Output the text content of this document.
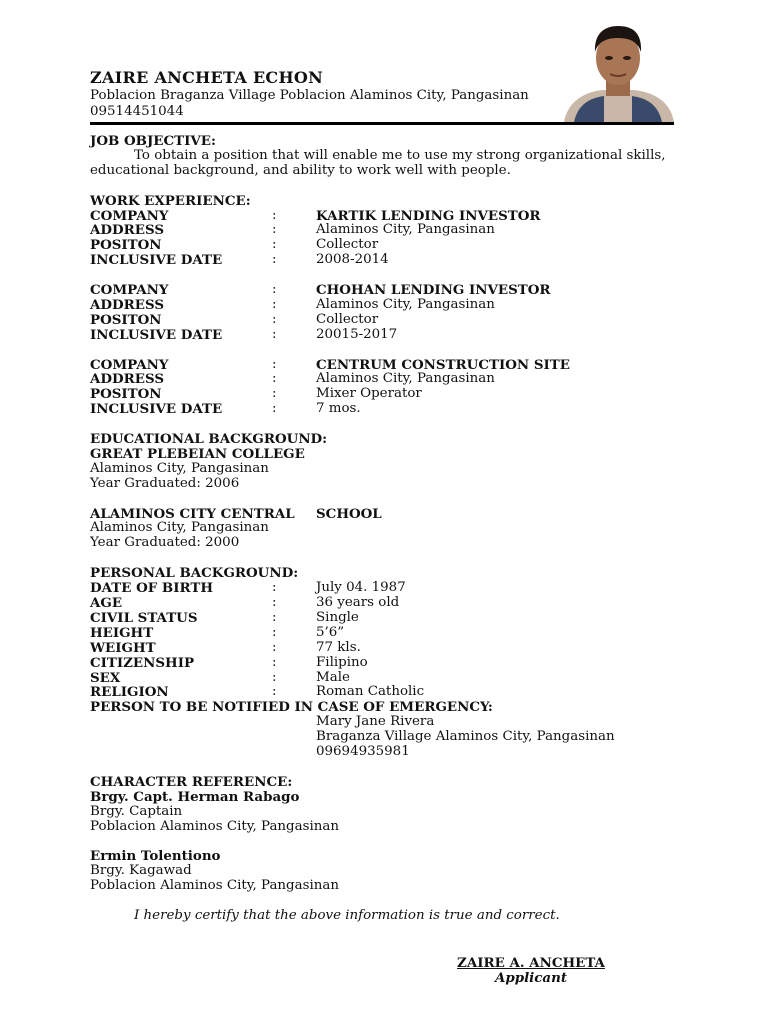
ZAIRE ANCHETA ECHON
Poblacion Braganza Village Poblacion Alaminos City, Pangasinan
09514451044
JOB OBJECTIVE:
To obtain a position that will enable me to use my strong organizational skills,
educational background, and ability to work well with people.
WORK EXPERIENCE:
COMPANY	:	KARTIK LENDING INVESTOR
ADDRESS	:	Alaminos City, Pangasinan
POSITON	:	Collector
INCLUSIVE DATE	:	2008-2014
COMPANY	:	CHOHAN LENDING INVESTOR
ADDRESS	:	Alaminos City, Pangasinan
POSITON	:	Collector
INCLUSIVE DATE	:	20015-2017
COMPANY	:	CENTRUM CONSTRUCTION SITE
ADDRESS	:	Alaminos City, Pangasinan
POSITON	:	Mixer Operator
INCLUSIVE DATE	:	7 mos.
EDUCATIONAL BACKGROUND:
GREAT PLEBEIAN COLLEGE
Alaminos City, Pangasinan
Year Graduated: 2006
ALAMINOS CITY CENTRAL	SCHOOL
Alaminos City, Pangasinan
Year Graduated: 2000
PERSONAL BACKGROUND:
DATE OF BIRTH	:	July 04. 1987
AGE	:	36 years old
CIVIL STATUS	:	Single
HEIGHT	:	5’6”
WEIGHT	:	77 kls.
CITIZENSHIP	:	Filipino
SEX	:	Male
RELIGION	:	Roman Catholic
PERSON TO BE NOTIFIED IN CASE OF EMERGENCY:
Mary Jane Rivera
Braganza Village Alaminos City, Pangasinan
09694935981
CHARACTER REFERENCE:
Brgy. Capt. Herman Rabago
Brgy. Captain
Poblacion Alaminos City, Pangasinan
Ermin Tolentiono
Brgy. Kagawad
Poblacion Alaminos City, Pangasinan
I hereby certify that the above information is true and correct.
ZAIRE A. ANCHETA
Applicant
